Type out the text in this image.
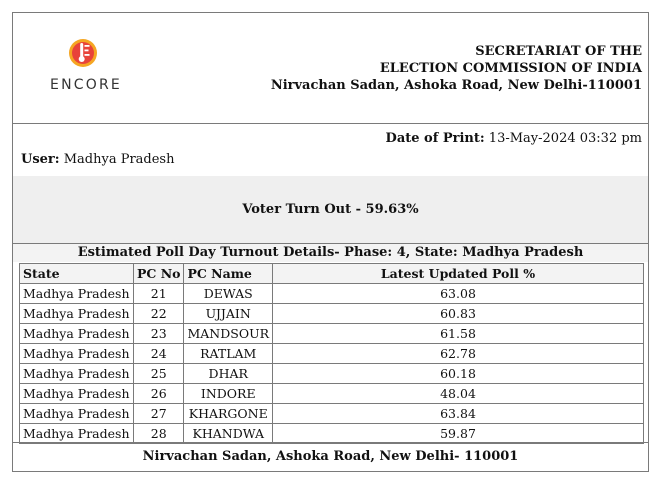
ENCORE
SECRETARIAT OF THE
ELECTION COMMISSION OF INDIA
Nirvachan Sadan, Ashoka Road, New Delhi-110001
User: Madhya Pradesh
Date of Print: 13-May-2024 03:32 pm
Voter Turn Out - 59.63%
Estimated Poll Day Turnout Details- Phase: 4, State: Madhya Pradesh
State	PC No	PC Name	Latest Updated Poll %
Madhya Pradesh	21	DEWAS	63.08
Madhya Pradesh	22	UJJAIN	60.83
Madhya Pradesh	23	MANDSOUR	61.58
Madhya Pradesh	24	RATLAM	62.78
Madhya Pradesh	25	DHAR	60.18
Madhya Pradesh	26	INDORE	48.04
Madhya Pradesh	27	KHARGONE	63.84
Madhya Pradesh	28	KHANDWA	59.87
Nirvachan Sadan, Ashoka Road, New Delhi- 110001
